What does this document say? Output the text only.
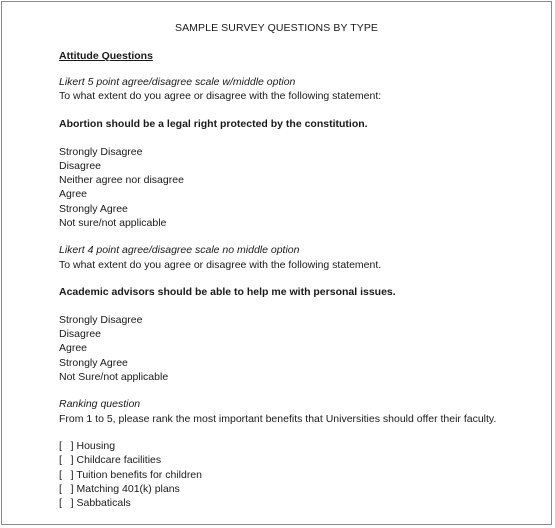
SAMPLE SURVEY QUESTIONS BY TYPE
Attitude Questions
Likert 5 point agree/disagree scale w/middle option
To what extent do you agree or disagree with the following statement:
Abortion should be a legal right protected by the constitution.
Strongly Disagree
Disagree
Neither agree nor disagree
Agree
Strongly Agree
Not sure/not applicable
Likert 4 point agree/disagree scale no middle option
To what extent do you agree or disagree with the following statement.
Academic advisors should be able to help me with personal issues.
Strongly Disagree
Disagree
Agree
Strongly Agree
Not Sure/not applicable
Ranking question
From 1 to 5, please rank the most important benefits that Universities should offer their faculty.
[   ] Housing
[   ] Childcare facilities
[   ] Tuition benefits for children
[   ] Matching 401(k) plans
[   ] Sabbaticals
